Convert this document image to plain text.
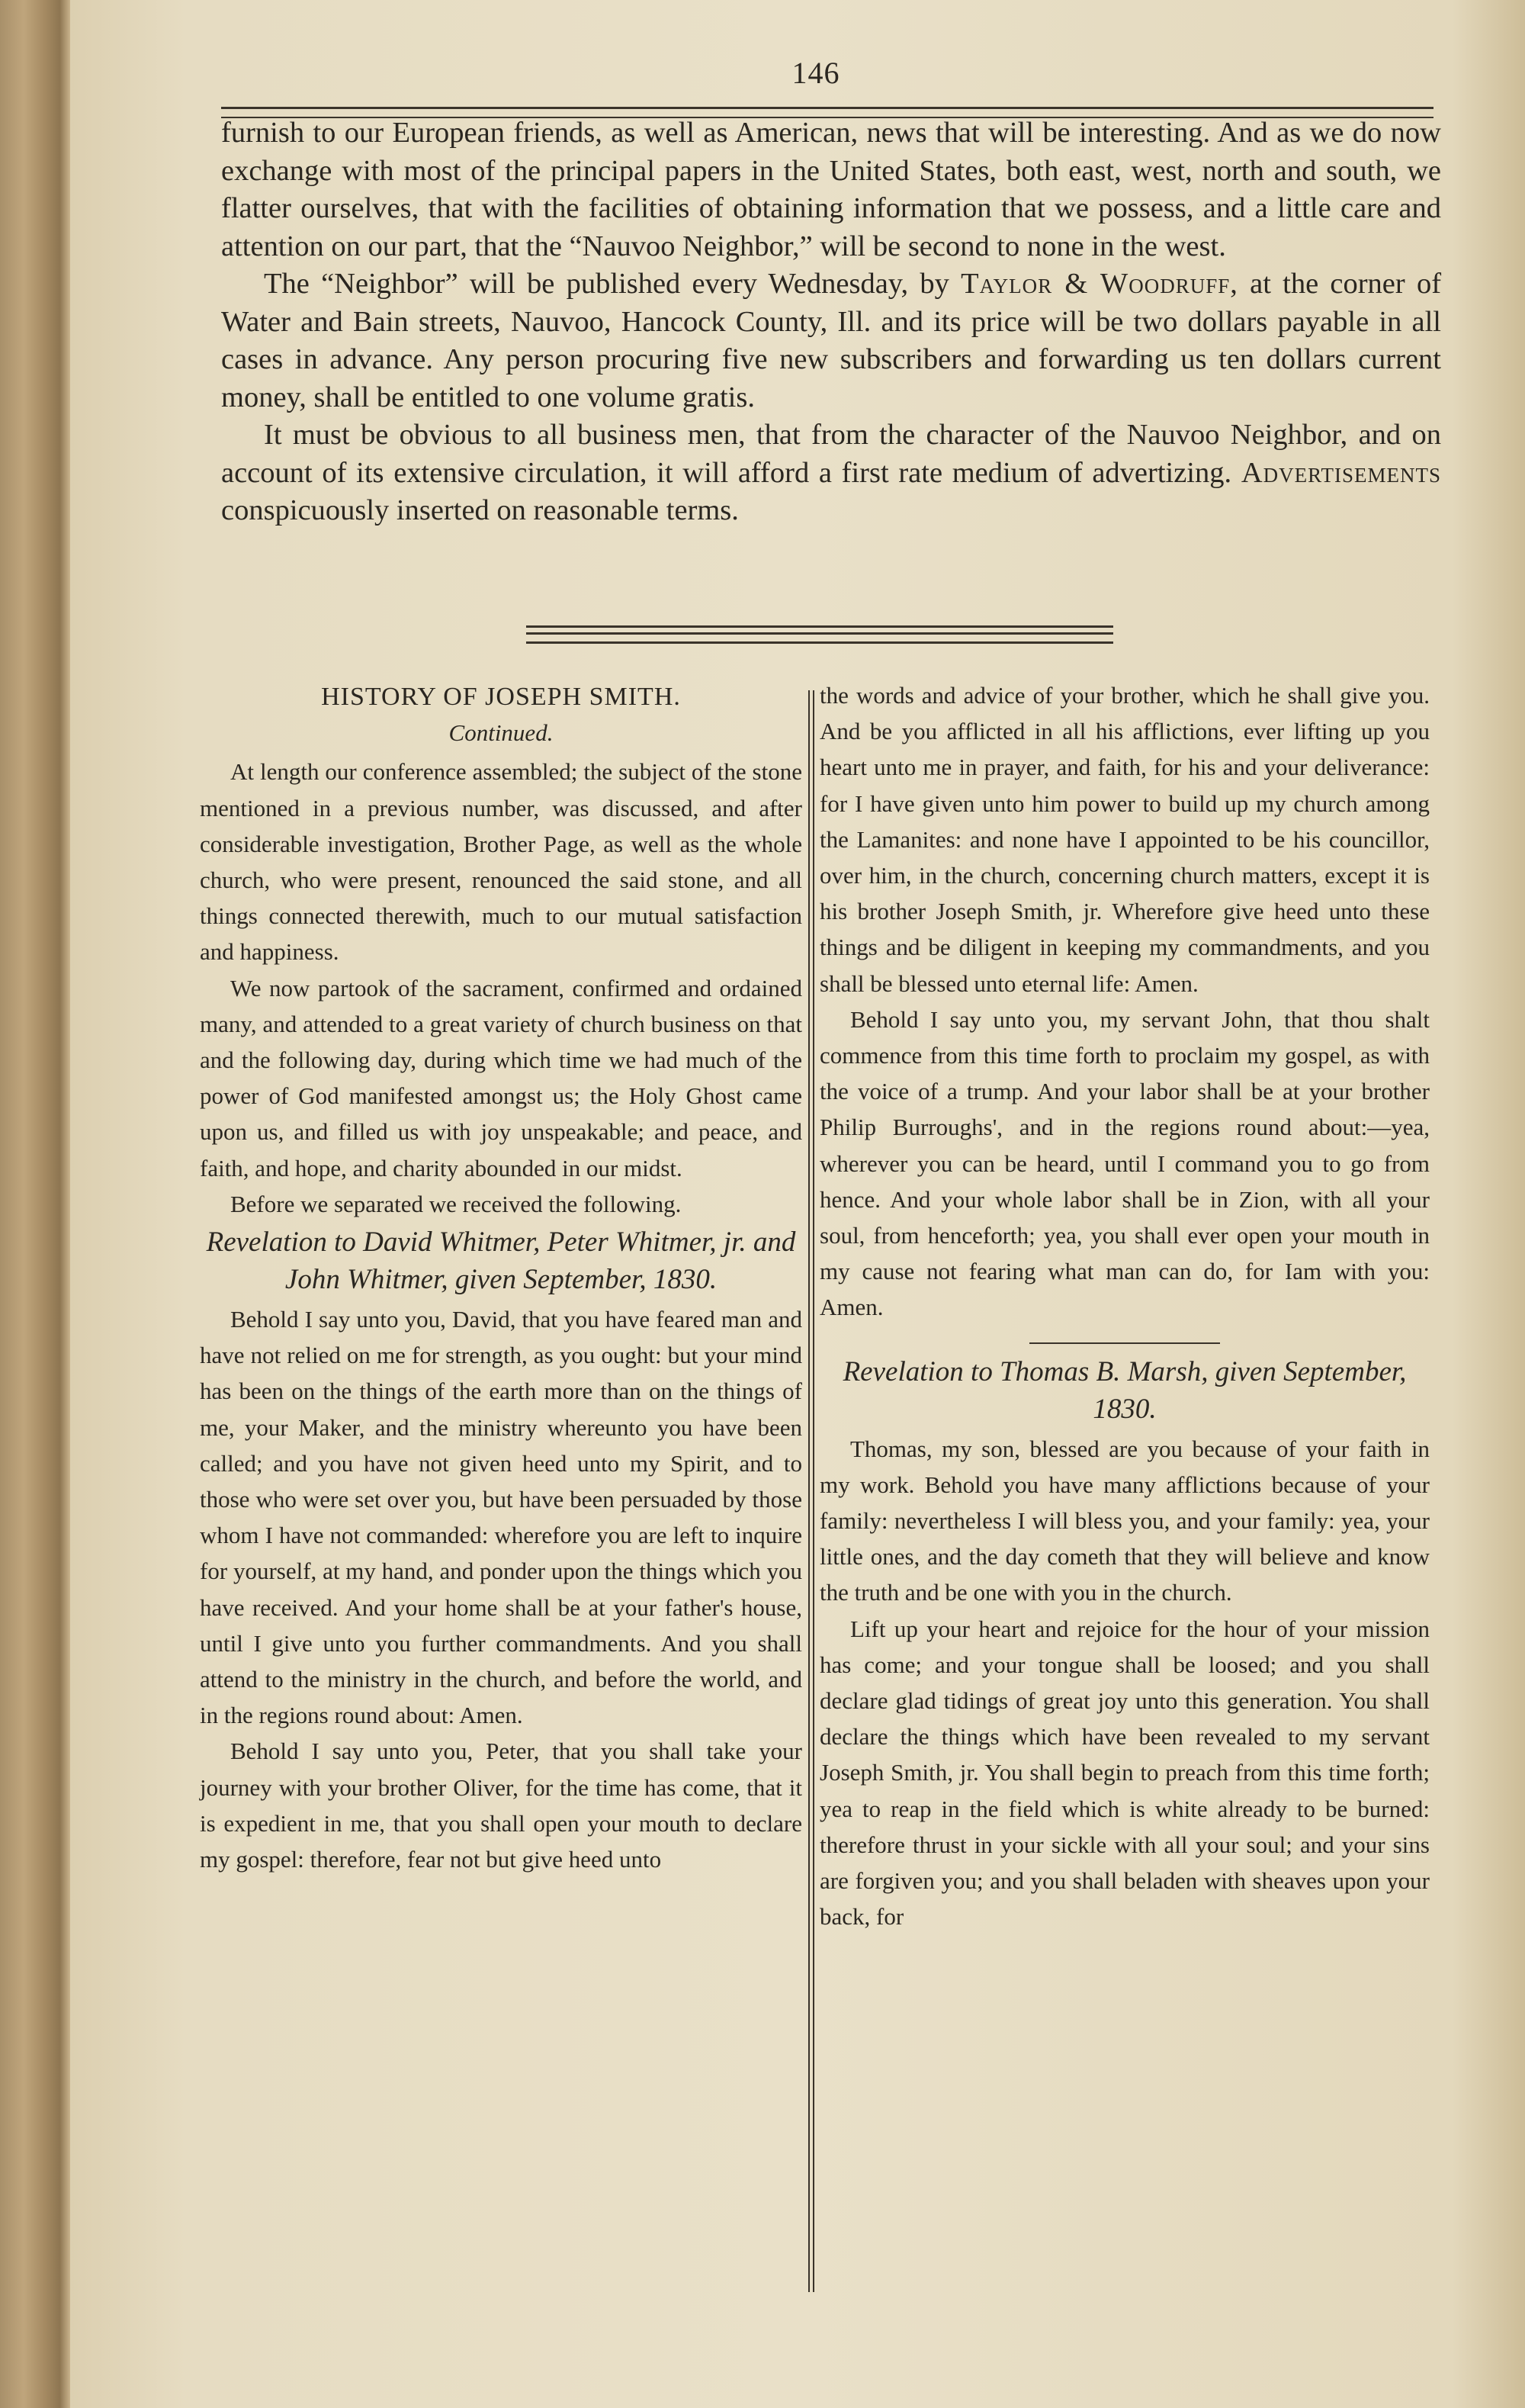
146

furnish to our European friends, as well as American, news that will be interesting. And as we do now exchange with most of the principal papers in the United States, both east, west, north and south, we flatter ourselves, that with the facilities of obtaining information that we possess, and a little care and attention on our part, that the “Nauvoo Neighbor,” will be second to none in the west.

The “Neighbor” will be published every Wednesday, by Taylor & Woodruff, at the corner of Water and Bain streets, Nauvoo, Hancock County, Ill. and its price will be two dollars payable in all cases in advance. Any person procuring five new subscribers and forwarding us ten dollars current money, shall be entitled to one volume gratis.

It must be obvious to all business men, that from the character of the Nauvoo Neighbor, and on account of its extensive circulation, it will afford a first rate medium of advertizing. Advertisements conspicuously inserted on reasonable terms.

HISTORY OF JOSEPH SMITH.
Continued.

At length our conference assembled; the subject of the stone mentioned in a previous number, was discussed, and after considerable investigation, Brother Page, as well as the whole church, who were present, renounced the said stone, and all things connected therewith, much to our mutual satisfaction and happiness.

We now partook of the sacrament, confirmed and ordained many, and attended to a great variety of church business on that and the following day, during which time we had much of the power of God manifested amongst us; the Holy Ghost came upon us, and filled us with joy unspeakable; and peace, and faith, and hope, and charity abounded in our midst.

Before we separated we received the following.

Revelation to David Whitmer, Peter Whitmer, jr. and John Whitmer, given September, 1830.

Behold I say unto you, David, that you have feared man and have not relied on me for strength, as you ought: but your mind has been on the things of the earth more than on the things of me, your Maker, and the ministry whereunto you have been called; and you have not given heed unto my Spirit, and to those who were set over you, but have been persuaded by those whom I have not commanded: wherefore you are left to inquire for yourself, at my hand, and ponder upon the things which you have received. And your home shall be at your father's house, until I give unto you further commandments. And you shall attend to the ministry in the church, and before the world, and in the regions round about: Amen.

Behold I say unto you, Peter, that you shall take your journey with your brother Oliver, for the time has come, that it is expedient in me, that you shall open your mouth to declare my gospel: therefore, fear not but give heed unto

the words and advice of your brother, which he shall give you. And be you afflicted in all his afflictions, ever lifting up you heart unto me in prayer, and faith, for his and your deliverance: for I have given unto him power to build up my church among the Lamanites: and none have I appointed to be his councillor, over him, in the church, concerning church matters, except it is his brother Joseph Smith, jr. Wherefore give heed unto these things and be diligent in keeping my commandments, and you shall be blessed unto eternal life: Amen.

Behold I say unto you, my servant John, that thou shalt commence from this time forth to proclaim my gospel, as with the voice of a trump. And your labor shall be at your brother Philip Burroughs', and in the regions round about:—yea, wherever you can be heard, until I command you to go from hence. And your whole labor shall be in Zion, with all your soul, from henceforth; yea, you shall ever open your mouth in my cause not fearing what man can do, for Iam with you: Amen.

Revelation to Thomas B. Marsh, given September, 1830.

Thomas, my son, blessed are you because of your faith in my work. Behold you have many afflictions because of your family: nevertheless I will bless you, and your family: yea, your little ones, and the day cometh that they will believe and know the truth and be one with you in the church.

Lift up your heart and rejoice for the hour of your mission has come; and your tongue shall be loosed; and you shall declare glad tidings of great joy unto this generation. You shall declare the things which have been revealed to my servant Joseph Smith, jr. You shall begin to preach from this time forth; yea to reap in the field which is white already to be burned: therefore thrust in your sickle with all your soul; and your sins are forgiven you; and you shall beladen with sheaves upon your back, for
